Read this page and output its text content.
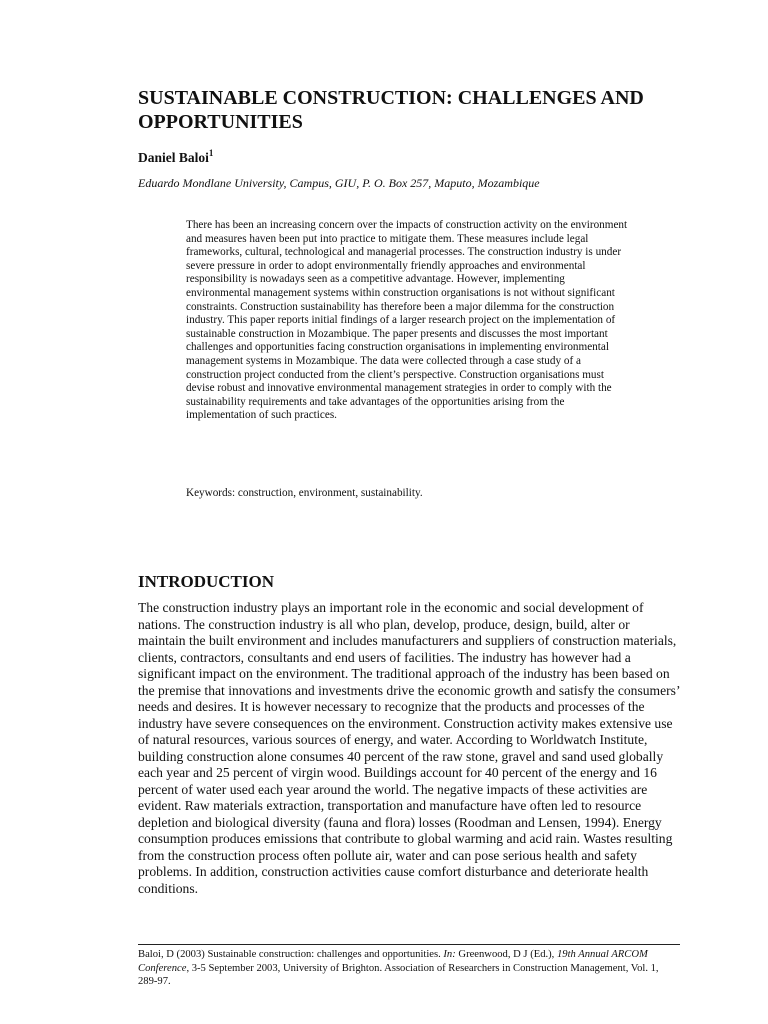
SUSTAINABLE CONSTRUCTION: CHALLENGES AND OPPORTUNITIES
Daniel Baloi$^1$
Eduardo Mondlane University, Campus, GIU, P. O. Box 257, Maputo, Mozambique

There has been an increasing concern over the impacts of construction activity on the environment and measures haven been put into practice to mitigate them. These measures include legal frameworks, cultural, technological and managerial processes. The construction industry is under severe pressure in order to adopt environmentally friendly approaches and environmental responsibility is nowadays seen as a competitive advantage. However, implementing environmental management systems within construction organisations is not without significant constraints. Construction sustainability has therefore been a major dilemma for the construction industry. This paper reports initial findings of a larger research project on the implementation of sustainable construction in Mozambique. The paper presents and discusses the most important challenges and opportunities facing construction organisations in implementing environmental management systems in Mozambique. The data were collected through a case study of a construction project conducted from the client’s perspective. Construction organisations must devise robust and innovative environmental management strategies in order to comply with the sustainability requirements and take advantages of the opportunities arising from the implementation of such practices.

Keywords: construction, environment, sustainability.
INTRODUCTION

The construction industry plays an important role in the economic and social development of nations. The construction industry is all who plan, develop, produce, design, build, alter or maintain the built environment and includes manufacturers and suppliers of construction materials, clients, contractors, consultants and end users of facilities. The industry has however had a significant impact on the environment. The traditional approach of the industry has been based on the premise that innovations and investments drive the economic growth and satisfy the consumers’ needs and desires. It is however necessary to recognize that the products and processes of the industry have severe consequences on the environment. Construction activity makes extensive use of natural resources, various sources of energy, and water. According to Worldwatch Institute, building construction alone consumes 40 percent of the raw stone, gravel and sand used globally each year and 25 percent of virgin wood. Buildings account for 40 percent of the energy and 16 percent of water used each year around the world. The negative impacts of these activities are evident. Raw materials extraction, transportation and manufacture have often led to resource depletion and biological diversity (fauna and flora) losses (Roodman and Lensen, 1994). Energy consumption produces emissions that contribute to global warming and acid rain. Wastes resulting from the construction process often pollute air, water and can pose serious health and safety problems. In addition, construction activities cause comfort disturbance and deteriorate health conditions.

Baloi, D (2003) Sustainable construction: challenges and opportunities. In: Greenwood, D J (Ed.), 19th Annual ARCOM Conference, 3-5 September 2003, University of Brighton. Association of Researchers in Construction Management, Vol. 1, 289-97.
